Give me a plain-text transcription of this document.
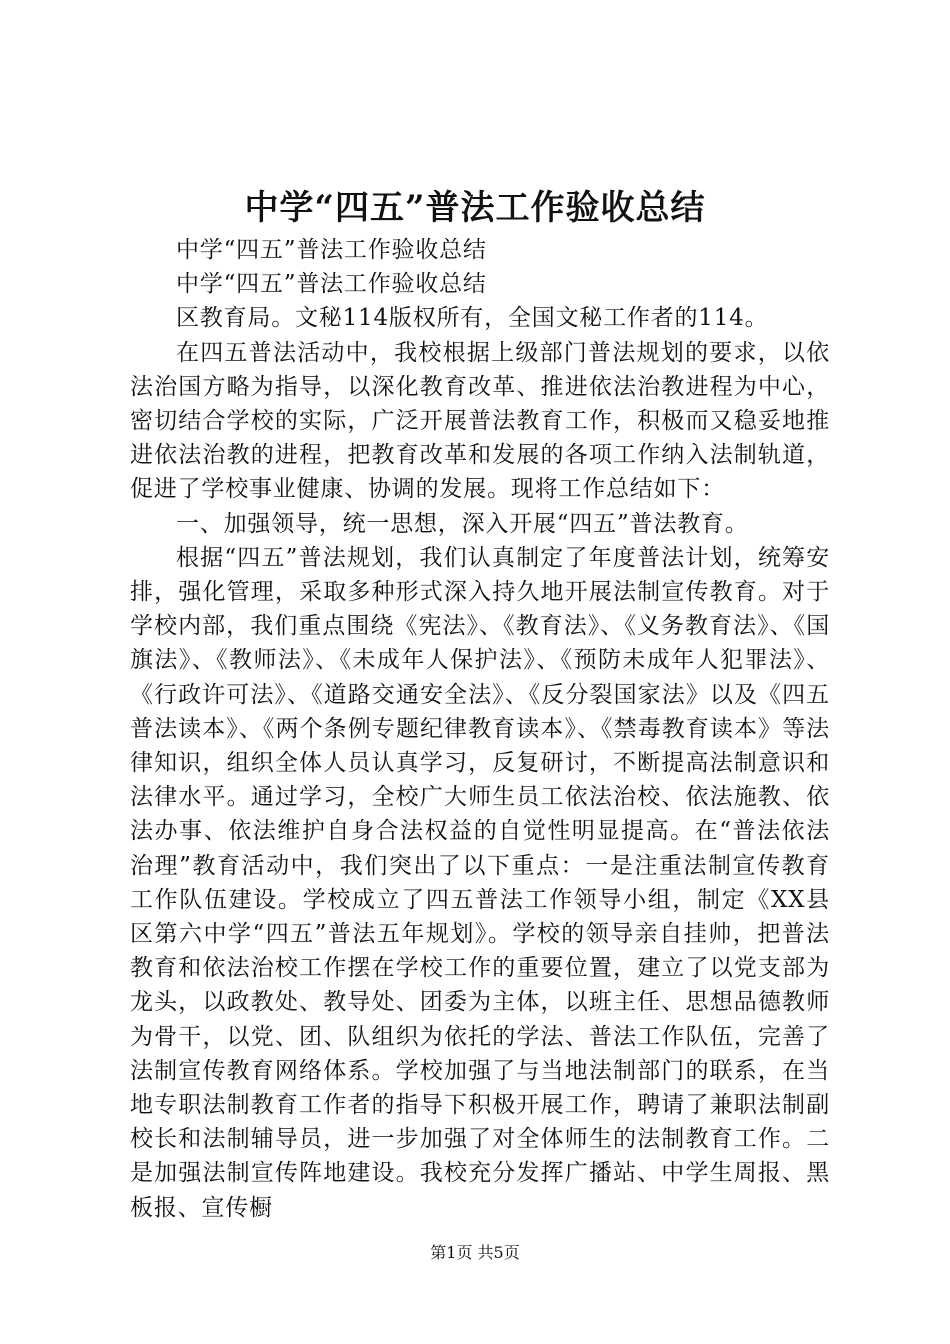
中学“四五”普法工作验收总结

中学“四五”普法工作验收总结

中学“四五”普法工作验收总结

区教育局。文秘114版权所有，全国文秘工作者的114。

在四五普法活动中，我校根据上级部门普法规划的要求，以依法治国方略为指导，以深化教育改革、推进依法治教进程为中心，密切结合学校的实际，广泛开展普法教育工作，积极而又稳妥地推进依法治教的进程，把教育改革和发展的各项工作纳入法制轨道，促进了学校事业健康、协调的发展。现将工作总结如下：

一、加强领导，统一思想，深入开展“四五”普法教育。

根据“四五”普法规划，我们认真制定了年度普法计划，统筹安排，强化管理，采取多种形式深入持久地开展法制宣传教育。对于学校内部，我们重点围绕《宪法》、《教育法》、《义务教育法》、《国旗法》、《教师法》、《未成年人保护法》、《预防未成年人犯罪法》、《行政许可法》、《道路交通安全法》、《反分裂国家法》以及《四五普法读本》、《两个条例专题纪律教育读本》、《禁毒教育读本》等法律知识，组织全体人员认真学习，反复研讨，不断提高法制意识和法律水平。通过学习，全校广大师生员工依法治校、依法施教、依法办事、依法维护自身合法权益的自觉性明显提高。在“普法依法治理”教育活动中，我们突出了以下重点：一是注重法制宣传教育工作队伍建设。学校成立了四五普法工作领导小组，制定《XX县区第六中学“四五”普法五年规划》。学校的领导亲自挂帅，把普法教育和依法治校工作摆在学校工作的重要位置，建立了以党支部为龙头，以政教处、教导处、团委为主体，以班主任、思想品德教师为骨干，以党、团、队组织为依托的学法、普法工作队伍，完善了法制宣传教育网络体系。学校加强了与当地法制部门的联系，在当地专职法制教育工作者的指导下积极开展工作，聘请了兼职法制副校长和法制辅导员，进一步加强了对全体师生的法制教育工作。二是加强法制宣传阵地建设。我校充分发挥广播站、中学生周报、黑板报、宣传橱

第1页 共5页
